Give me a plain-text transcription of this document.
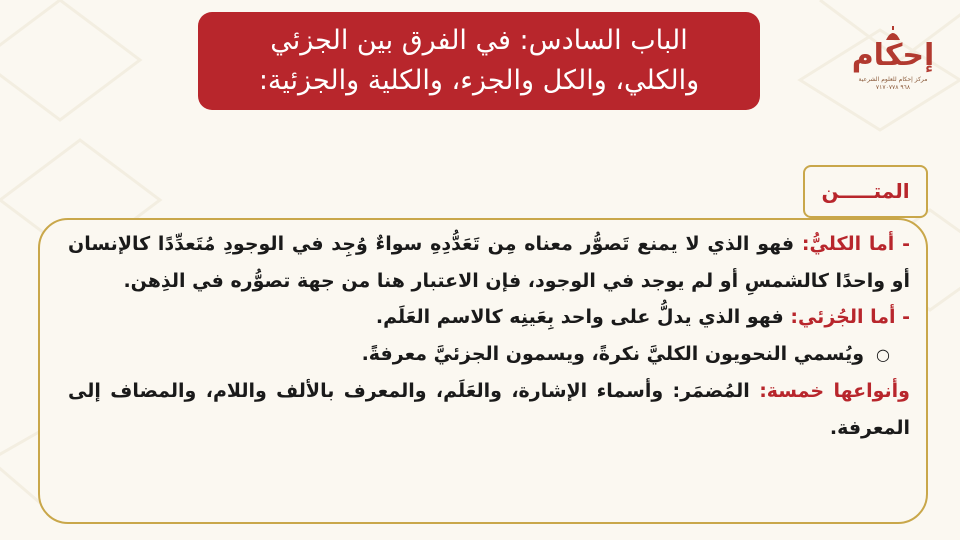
الباب السادس: في الفرق بين الجزئي
والكلي، والكل والجزء، والكلية والجزئية:
إحكام
مركز إحكام للعلوم الشرعية
٩٦٨ ٧١٧٠٧٧٨
المتـــــن

- أما الكليُّ: فهو الذي لا يمنع تَصوُّر معناه مِن تَعَدُّدِهِ سواءٌ وُجِد في الوجودِ مُتَعدِّدًا كالإنسان أو واحدًا كالشمسِ أو لم يوجد في الوجود، فإن الاعتبار هنا من جهة تصوُّره في الذِهن.

- أما الجُزئي: فهو الذي يدلُّ على واحد بِعَينِه كالاسم العَلَم.

○ويُسمي النحويون الكليَّ نكرةً، ويسمون الجزئيَّ معرفةً.

وأنواعها خمسة: المُضمَر: وأسماء الإشارة، والعَلَم، والمعرف بالألف واللام، والمضاف إلى المعرفة.
